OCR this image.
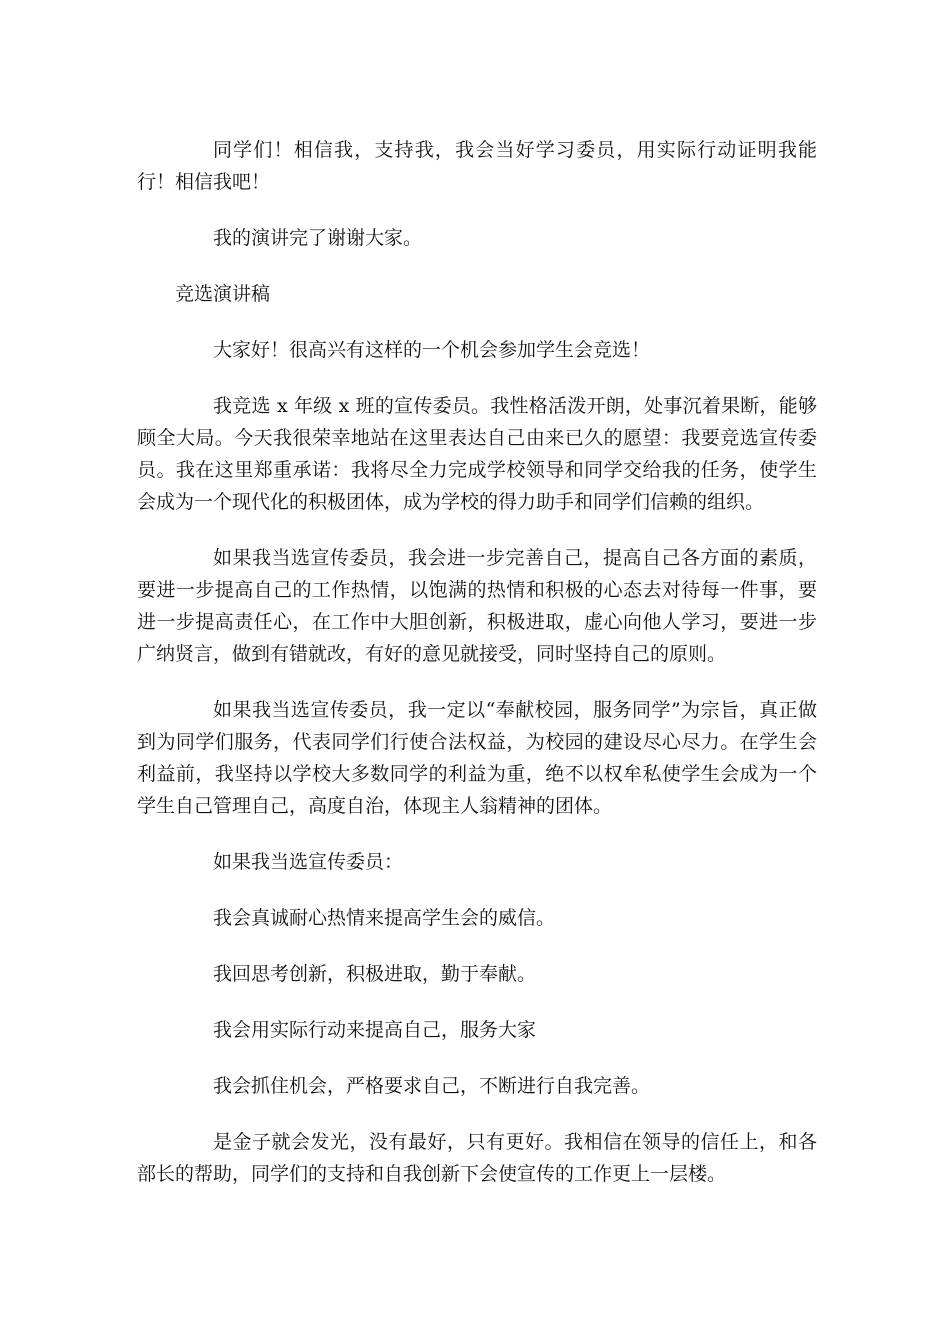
同学们！相信我，支持我，我会当好学习委员，用实际行动证明我能行！相信我吧！

我的演讲完了谢谢大家。

竞选演讲稿

大家好！很高兴有这样的一个机会参加学生会竞选！

我竞选 x 年级 x 班的宣传委员。我性格活泼开朗，处事沉着果断，能够顾全大局。今天我很荣幸地站在这里表达自己由来已久的愿望：我要竞选宣传委员。我在这里郑重承诺：我将尽全力完成学校领导和同学交给我的任务，使学生会成为一个现代化的积极团体，成为学校的得力助手和同学们信赖的组织。

如果我当选宣传委员，我会进一步完善自己，提高自己各方面的素质，要进一步提高自己的工作热情，以饱满的热情和积极的心态去对待每一件事，要进一步提高责任心，在工作中大胆创新，积极进取，虚心向他人学习，要进一步广纳贤言，做到有错就改，有好的意见就接受，同时坚持自己的原则。

如果我当选宣传委员，我一定以“奉献校园，服务同学”为宗旨，真正做到为同学们服务，代表同学们行使合法权益，为校园的建设尽心尽力。在学生会利益前，我坚持以学校大多数同学的利益为重，绝不以权牟私使学生会成为一个学生自己管理自己，高度自治，体现主人翁精神的团体。

如果我当选宣传委员：

我会真诚耐心热情来提高学生会的威信。

我回思考创新，积极进取，勤于奉献。

我会用实际行动来提高自己，服务大家

我会抓住机会，严格要求自己，不断进行自我完善。

是金子就会发光，没有最好，只有更好。我相信在领导的信任上，和各部长的帮助，同学们的支持和自我创新下会使宣传的工作更上一层楼。
